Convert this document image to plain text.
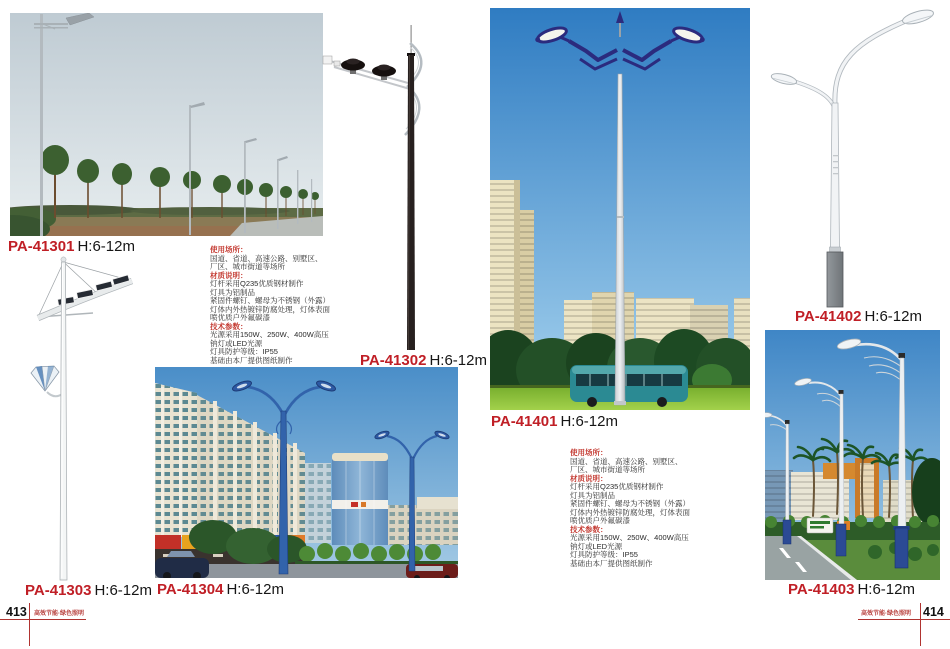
PA-41301 H:6-12m
PA-41302 H:6-12m
PA-41303 H:6-12m PA-41304 H:6-12m
PA-41401 H:6-12m
PA-41402 H:6-12m
PA-41403 H:6-12m
使用场所：
国道、省道、高速公路、别墅区、
厂区、城市街道等场所
材质说明：
灯杆采用Q235优质钢材制作
灯具为铝制品
紧固件螺钉、螺母为不锈钢（外露）
灯体内外热镀锌防腐处理，灯体表面
喷优质户外氟碳漆
技术参数：
光源采用150W、250W、400W高压
钠灯或LED光源
灯具防护等级：IP55
基础由本厂提供图纸制作
使用场所：
国道、省道、高速公路、别墅区、
厂区、城市街道等场所
材质说明：
灯杆采用Q235优质钢材制作
灯具为铝制品
紧固件螺钉、螺母为不锈钢（外露）
灯体内外热镀锌防腐处理，灯体表面
喷优质户外氟碳漆
技术参数：
光源采用150W、250W、400W高压
钠灯或LED光源
灯具防护等级：IP55
基础由本厂提供图纸制作
413 高效节能·绿色照明	高效节能·绿色照明 414
